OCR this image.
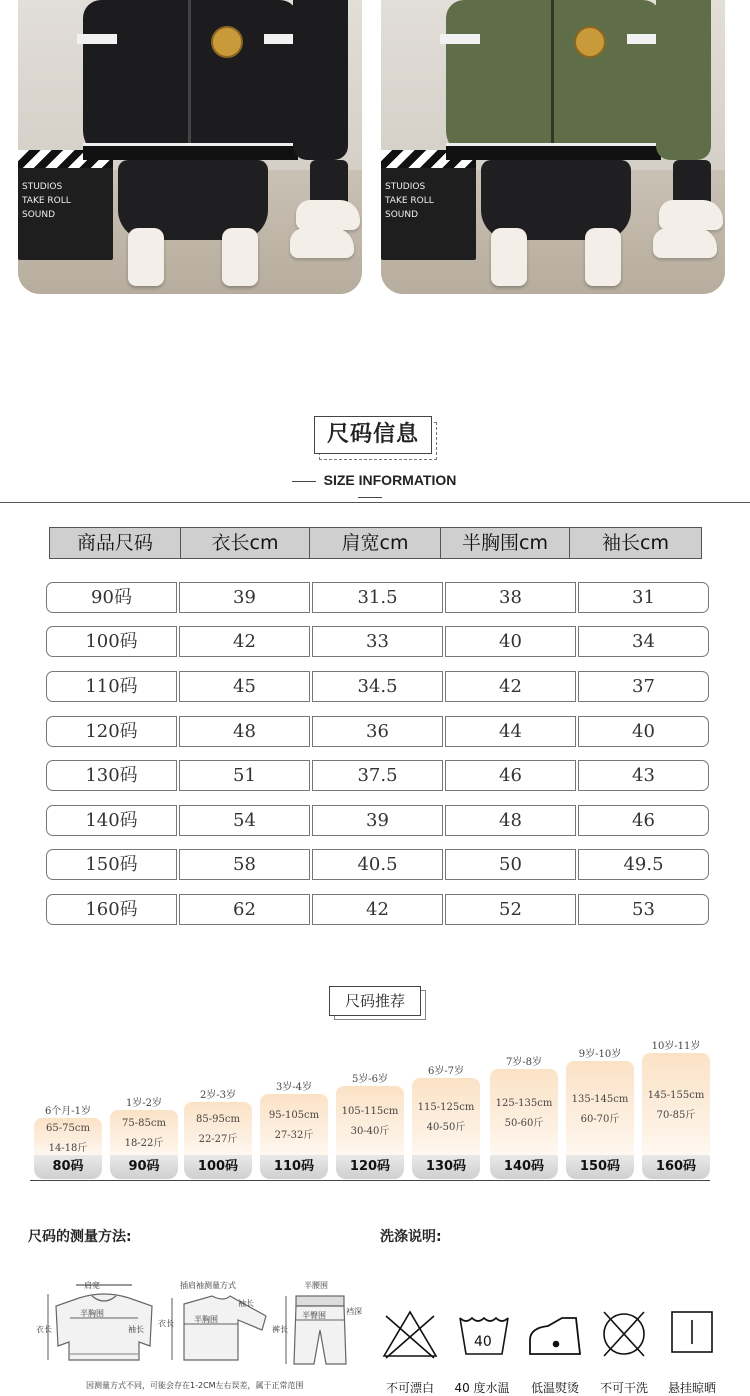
STUDIOS
TAKE ROLL
SOUND
STUDIOS
TAKE ROLL
SOUND
尺码信息
SIZE INFORMATION
商品尺码	衣长cm	肩宽cm	半胸围cm	袖长cm
90码	39	31.5	38	31
100码	42	33	40	34
110码	45	34.5	42	37
120码	48	36	44	40
130码	51	37.5	46	43
140码	54	39	48	46
150码	58	40.5	50	49.5
160码	62	42	52	53
尺码推荐
6个月-1岁
65-75cm
14-18斤
80码
1岁-2岁
75-85cm
18-22斤
90码
2岁-3岁
85-95cm
22-27斤
100码
3岁-4岁
95-105cm
27-32斤
110码
5岁-6岁
105-115cm
30-40斤
120码
6岁-7岁
115-125cm
40-50斤
130码
7岁-8岁
125-135cm
50-60斤
140码
9岁-10岁
135-145cm
60-70斤
150码
10岁-11岁
145-155cm
70-85斤
160码
尺码的测量方法:
肩宽
半胸围
衣长	袖长
插肩袖测量方式
半胸围
衣长
袖长
半腰围
半臀围	裆深
裤长
因测量方式不同，可能会存在1-2CM左右误差，属于正常范围
洗涤说明:
40
不可漂白	40 度水温	低温熨烫	不可干洗	悬挂晾晒
